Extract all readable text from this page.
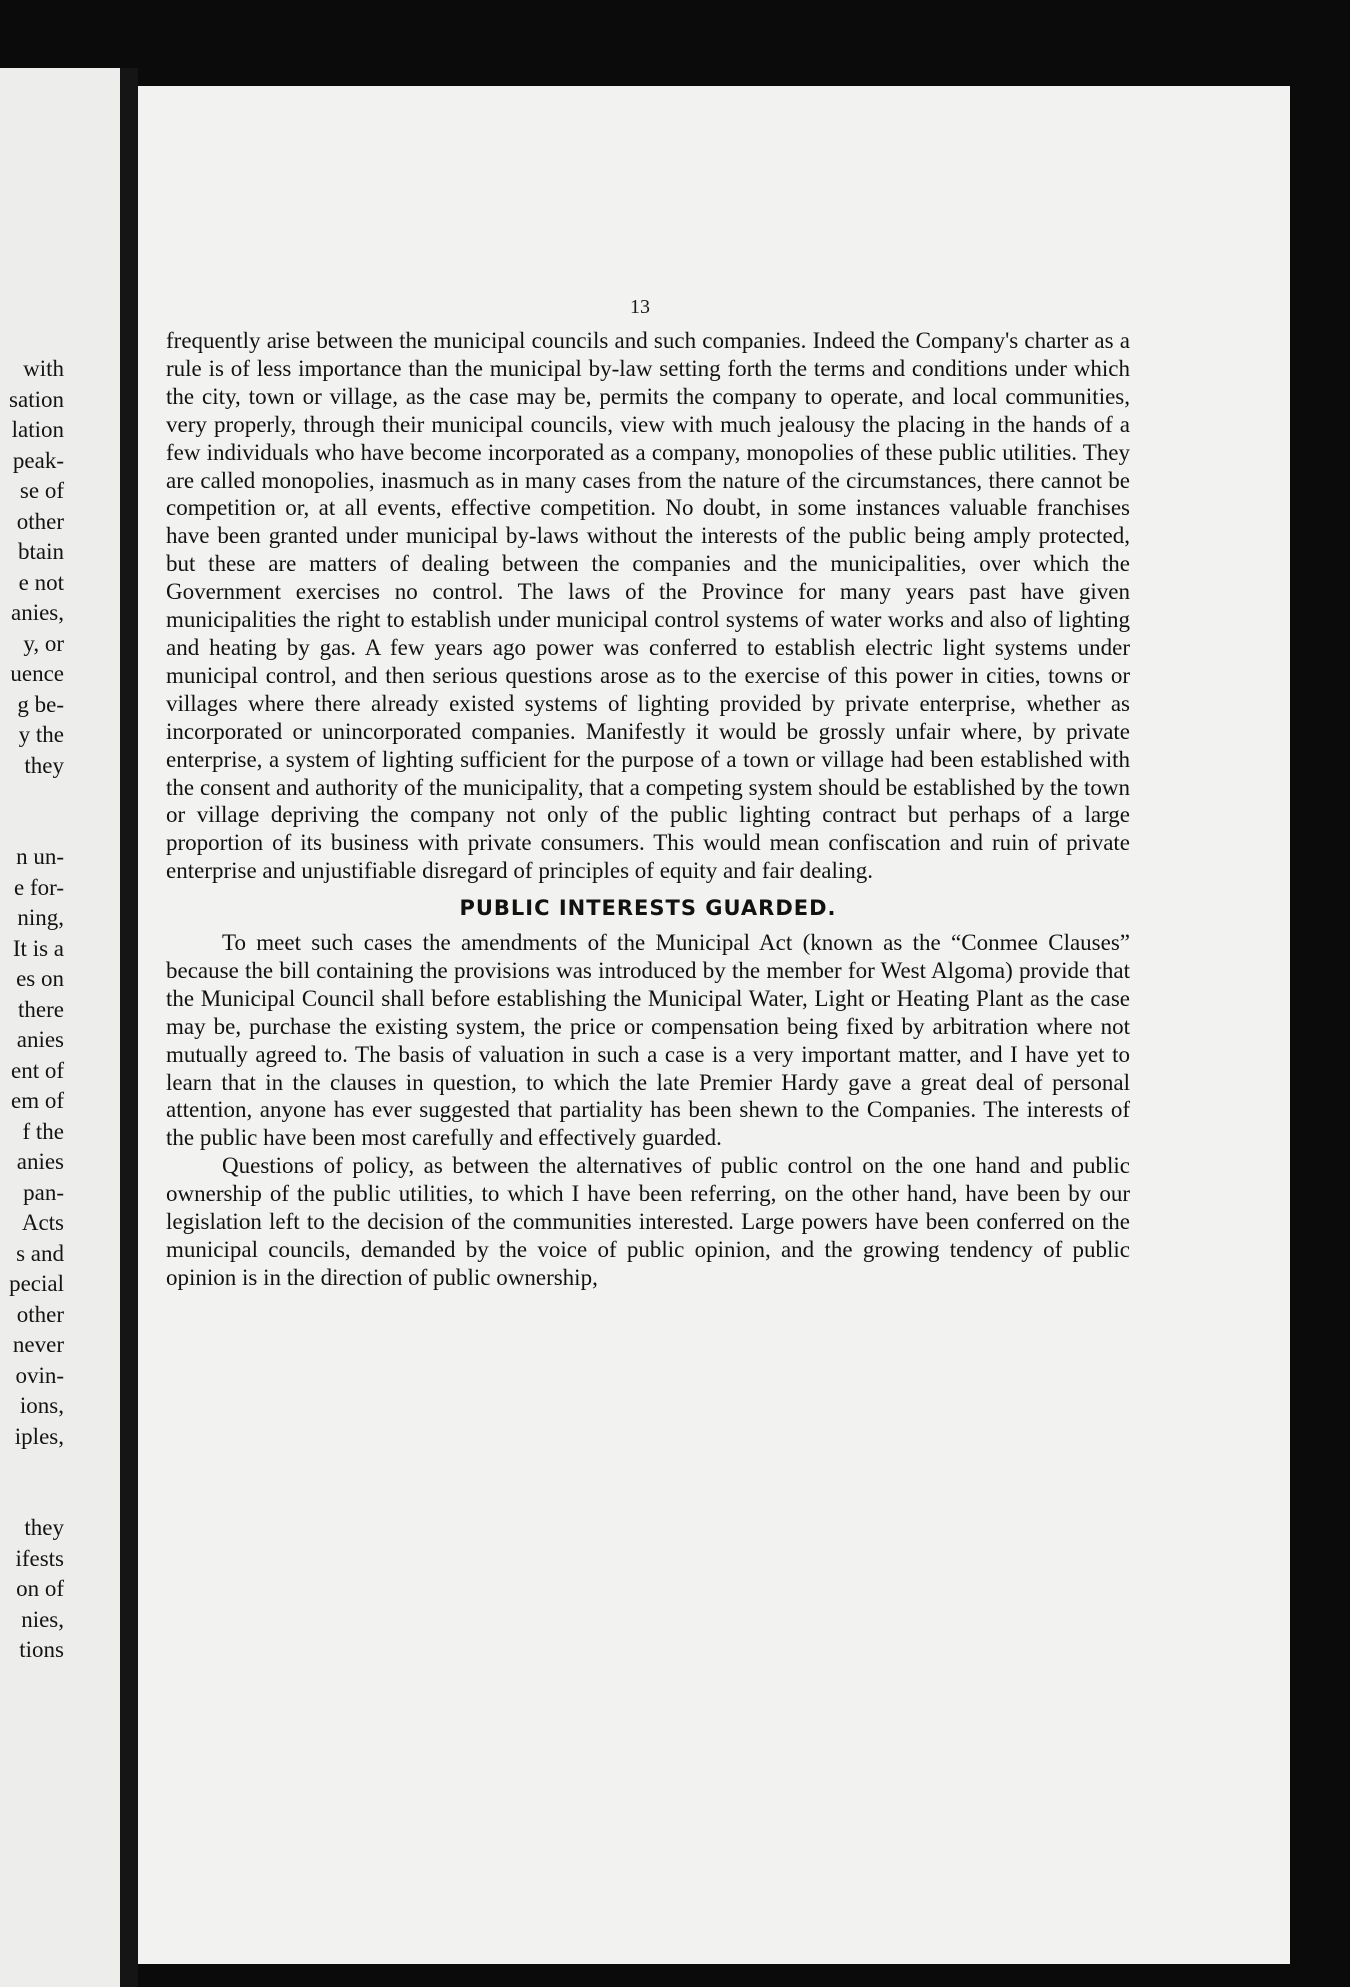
with
sation
lation
peak-
se of
other
btain
e not
anies,
y, or
uence
g be-
y the
they

n un-
e for-
ning,
It is a
es on
there
anies
ent of
em of
f the
anies
pan-
Acts
s and
pecial
other
never
ovin-
ions,
iples,

they
ifests
on of
nies,
tions
13

frequently arise between the municipal councils and such companies. Indeed the Company's charter as a rule is of less importance than the municipal by-law setting forth the terms and conditions under which the city, town or village, as the case may be, permits the company to operate, and local communities, very properly, through their municipal councils, view with much jealousy the placing in the hands of a few individuals who have become incorporated as a company, monopolies of these public utilities. They are called monopolies, inasmuch as in many cases from the nature of the circumstances, there cannot be competition or, at all events, effective competition. No doubt, in some instances valuable franchises have been granted under municipal by-laws without the interests of the public being amply protected, but these are matters of dealing between the companies and the municipalities, over which the Government exercises no control. The laws of the Province for many years past have given municipalities the right to establish under municipal control systems of water works and also of lighting and heating by gas. A few years ago power was conferred to establish electric light systems under municipal control, and then serious questions arose as to the exercise of this power in cities, towns or villages where there already existed systems of lighting provided by private enterprise, whether as incorporated or unincorporated companies. Manifestly it would be grossly unfair where, by private enterprise, a system of lighting sufficient for the purpose of a town or village had been established with the consent and authority of the municipality, that a competing system should be established by the town or village depriving the company not only of the public lighting contract but perhaps of a large proportion of its business with private consumers. This would mean confiscation and ruin of private enterprise and unjustifiable disregard of principles of equity and fair dealing.

PUBLIC INTERESTS GUARDED.

To meet such cases the amendments of the Municipal Act (known as the “Conmee Clauses” because the bill containing the provisions was introduced by the member for West Algoma) provide that the Municipal Council shall before establishing the Municipal Water, Light or Heating Plant as the case may be, purchase the existing system, the price or compensation being fixed by arbitration where not mutually agreed to. The basis of valuation in such a case is a very important matter, and I have yet to learn that in the clauses in question, to which the late Premier Hardy gave a great deal of personal attention, anyone has ever suggested that partiality has been shewn to the Companies. The interests of the public have been most carefully and effectively guarded.

Questions of policy, as between the alternatives of public control on the one hand and public ownership of the public utilities, to which I have been referring, on the other hand, have been by our legislation left to the decision of the communities interested. Large powers have been conferred on the municipal councils, demanded by the voice of public opinion, and the growing tendency of public opinion is in the direction of public ownership,
